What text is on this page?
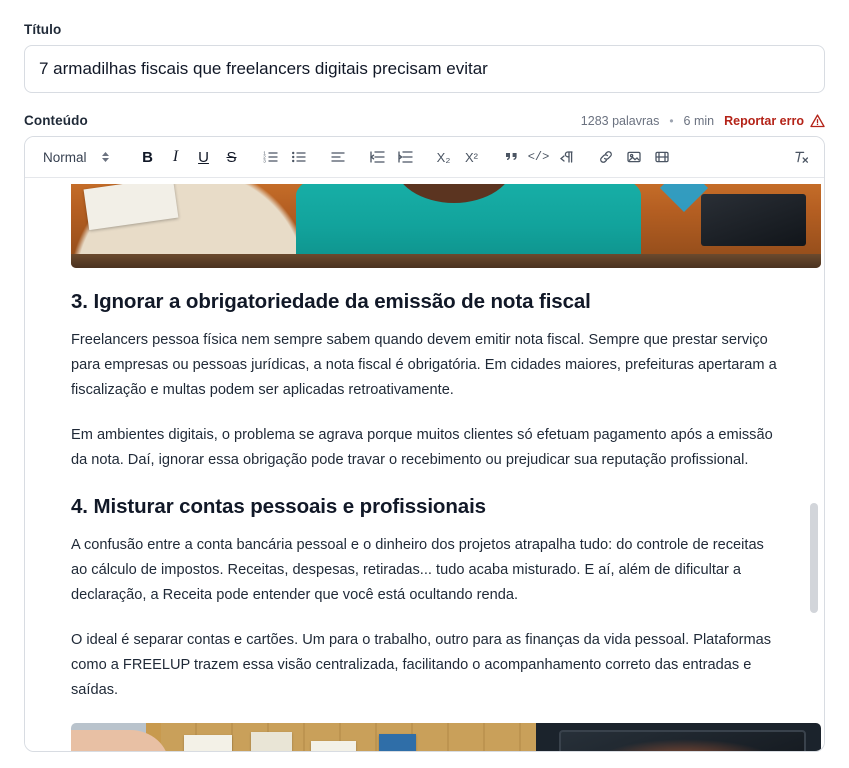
Título
7 armadilhas fiscais que freelancers digitais precisam evitar
Conteúdo	1283 palavras • 6 min Reportar erro
Normal	B	I	U	S	1
2
3	X₂	X²	</>
3. Ignorar a obrigatoriedade da emissão de nota fiscal

Freelancers pessoa física nem sempre sabem quando devem emitir nota fiscal. Sempre que prestar serviço para empresas ou pessoas jurídicas, a nota fiscal é obrigatória. Em cidades maiores, prefeituras apertaram a fiscalização e multas podem ser aplicadas retroativamente.

Em ambientes digitais, o problema se agrava porque muitos clientes só efetuam pagamento após a emissão da nota. Daí, ignorar essa obrigação pode travar o recebimento ou prejudicar sua reputação profissional.

4. Misturar contas pessoais e profissionais

A confusão entre a conta bancária pessoal e o dinheiro dos projetos atrapalha tudo: do controle de receitas ao cálculo de impostos. Receitas, despesas, retiradas... tudo acaba misturado. E aí, além de dificultar a declaração, a Receita pode entender que você está ocultando renda.

O ideal é separar contas e cartões. Um para o trabalho, outro para as finanças da vida pessoal. Plataformas como a FREELUP trazem essa visão centralizada, facilitando o acompanhamento correto das entradas e saídas.
